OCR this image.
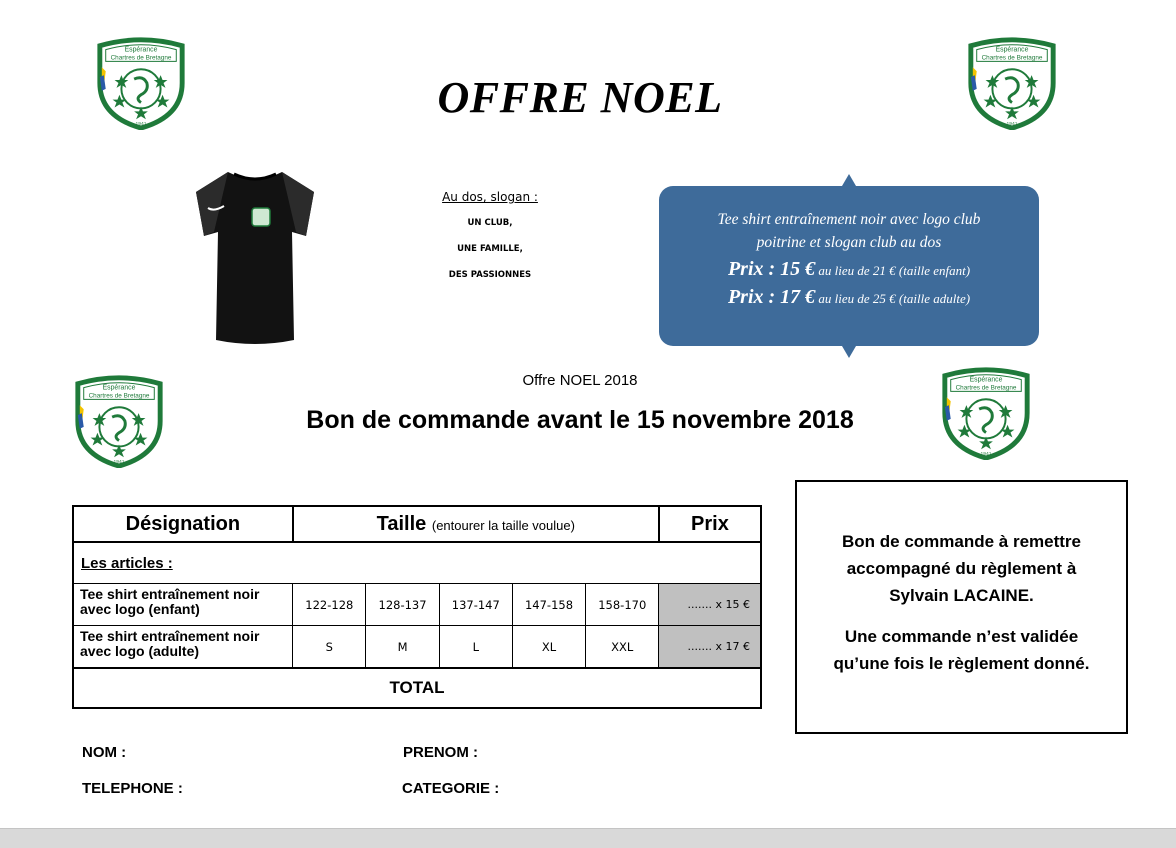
Espérance
Chartres de Bretagne
1941
Espérance
Chartres de Bretagne
1941
Espérance
Chartres de Bretagne
1941
Espérance
Chartres de Bretagne
1941
OFFRE NOEL
Au dos, slogan :
UN CLUB,
UNE FAMILLE,
DES PASSIONNES
Tee shirt entraînement noir avec logo club
poitrine et slogan club au dos
Prix : 15 € au lieu de 21 € (taille enfant)
Prix : 17 € au lieu de 25 € (taille adulte)
Offre NOEL 2018
Bon de commande avant le 15 novembre 2018
Désignation	Taille (entourer la taille voulue)					Prix
Les articles :						
Tee shirt entraînement noir avec logo (enfant)	122-128	128-137	137-147	147-158	158-170	....... x 15 €
Tee shirt entraînement noir avec logo (adulte)	S	M	L	XL	XXL	....... x 17 €
TOTAL						
Bon de commande à remettre
accompagné du règlement à
Sylvain LACAINE.
Une commande n’est validée
qu’une fois le règlement donné.
NOM :	PRENOM :
TELEPHONE :	CATEGORIE :
